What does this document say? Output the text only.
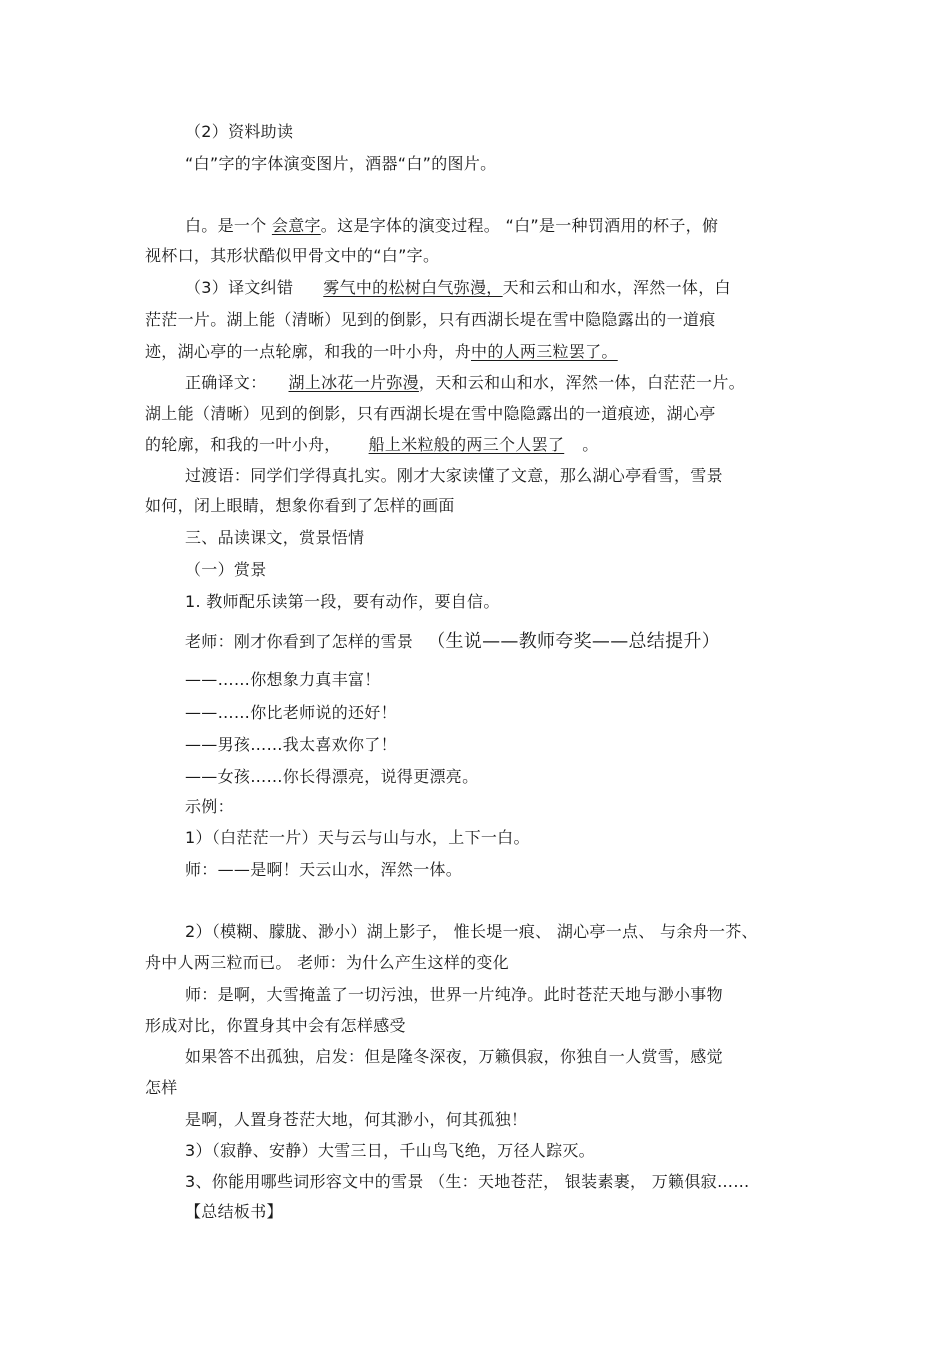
（2）资料助读
“白”字的字体演变图片，酒器“白”的图片。
白。是一个 会意字。这是字体的演变过程。 “白”是一种罚酒用的杯子，俯
视杯口，其形状酷似甲骨文中的“白”字。
（3）译文纠错 雾气中的松树白气弥漫，天和云和山和水，浑然一体，白
茫茫一片。湖上能（清晰）见到的倒影，只有西湖长堤在雪中隐隐露出的一道痕
迹，湖心亭的一点轮廓，和我的一叶小舟，舟中的人两三粒罢了。
正确译文： 湖上冰花一片弥漫，天和云和山和水，浑然一体，白茫茫一片。
湖上能（清晰）见到的倒影，只有西湖长堤在雪中隐隐露出的一道痕迹，湖心亭
的轮廓，和我的一叶小舟， 船上米粒般的两三个人罢了 。
过渡语：同学们学得真扎实。刚才大家读懂了文意，那么湖心亭看雪，雪景
如何，闭上眼睛，想象你看到了怎样的画面
三、品读课文，赏景悟情
（一）赏景
1. 教师配乐读第一段，要有动作，要自信。
老师：刚才你看到了怎样的雪景 （生说——教师夸奖——总结提升）
——……你想象力真丰富！
——……你比老师说的还好！
——男孩……我太喜欢你了！
——女孩……你长得漂亮，说得更漂亮。
示例：
1）（白茫茫一片）天与云与山与水，上下一白。
师：——是啊！天云山水，浑然一体。
2）（模糊、朦胧、渺小）湖上影子， 惟长堤一痕、 湖心亭一点、 与余舟一芥、
舟中人两三粒而已。 老师：为什么产生这样的变化
师：是啊，大雪掩盖了一切污浊，世界一片纯净。此时苍茫天地与渺小事物
形成对比，你置身其中会有怎样感受
如果答不出孤独，启发：但是隆冬深夜，万籁俱寂，你独自一人赏雪，感觉
怎样
是啊，人置身苍茫大地，何其渺小，何其孤独！
3）（寂静、安静）大雪三日，千山鸟飞绝，万径人踪灭。
3、你能用哪些词形容文中的雪景 （生：天地苍茫， 银装素裹， 万籁俱寂……
【总结板书】
